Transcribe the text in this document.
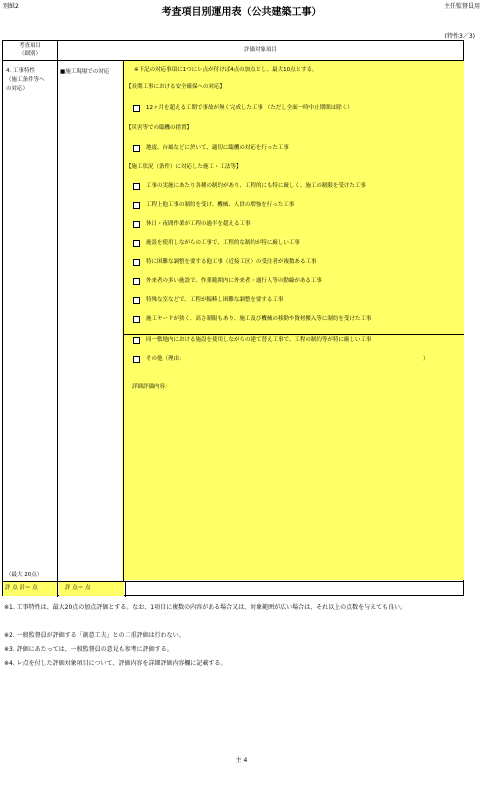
別紙2
考査項目別運用表（公共建築工事）
主任監督員用
(特性3／3)
考査項目
（細別）
評価対象項目
4. 工事特性
（施工条件等へ
の対応）
（最大 20点）
評 点 計＝ 点	評 点＝ 点
■施工現場での対応	※下記の対応事項に1つにレ点が付けば4点の加点とし、最大10点とする。
【長期工事における安全確保への対応】
12ヶ月を超える工期で事故が無く完成した工事 （ただし全面一時中止期間は除く）
【災害等での臨機の措置】
地震、台風などに於いて、適切に臨機の対応を行った工事
【施工状況（条件）に対応した施工・工法等】
工事の実施にあたり各種の制約があり、工程的にも特に厳しく、施工の制限を受けた工事
工程上他工事の制約を受け、機械、人員の増強を行った工事
休日・夜間作業が工程の過半を超える工事
施設を使用しながらの工事で、工程的な制約が特に厳しい工事
特に困難な調整を要する他工事（近接工区）の受注者が複数ある工事
外来者の多い施設で、作業範囲内に外来者・通行人等の動線がある工事
特殊な室などで、工程が輻輳し困難な調整を要する工事
施工ヤードが狭く、高さ制限もあり、施工及び機械の移動や資材搬入等に制約を受けた工事
同一敷地内における施設を使用しながらの建て替え工事で、工程の制約等が特に厳しい工事
その他（理由：	）
詳細評価内容：
※1. 工事特性は、最大20点の加点評価とする。なお、1項目に複数の内容がある場合又は、対象範囲が広い場合は、それ以上の点数を与えても良い。
※2. 一般監督員が評価する「創意工夫」との二重評価は行わない。
※3. 評価にあたっては、一般監督員の意見も参考に評価する。
※4. レ点を付した評価対象項目について、評価内容を詳細評価内容欄に記載する。
主 4
